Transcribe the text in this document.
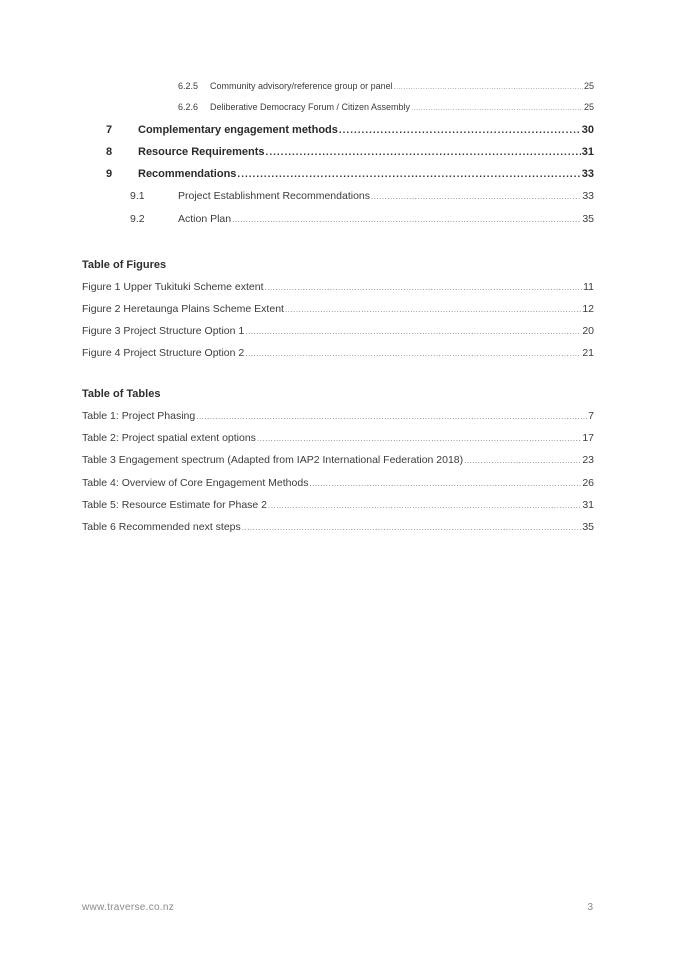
6.2.5	Community advisory/reference group or panel .....	25
6.2.6	Deliberative Democracy Forum / Citizen Assembly .....	25
7	Complementary engagement methods .....	30
8	Resource Requirements .....	31
9	Recommendations .....	33
9.1	Project Establishment Recommendations .....	33
9.2	Action Plan .....	35
Table of Figures
Figure 1 Upper Tukituki Scheme extent .....	11
Figure 2 Heretaunga Plains Scheme Extent .....	12
Figure 3 Project Structure Option 1 .....	20
Figure 4 Project Structure Option 2 .....	21
Table of Tables
Table 1: Project Phasing .....	7
Table 2: Project spatial extent options .....	17
Table 3 Engagement spectrum (Adapted from IAP2 International Federation 2018) .....	23
Table 4: Overview of Core Engagement Methods .....	26
Table 5: Resource Estimate for Phase 2 .....	31
Table 6 Recommended next steps .....	35
www.traverse.co.nz	3
